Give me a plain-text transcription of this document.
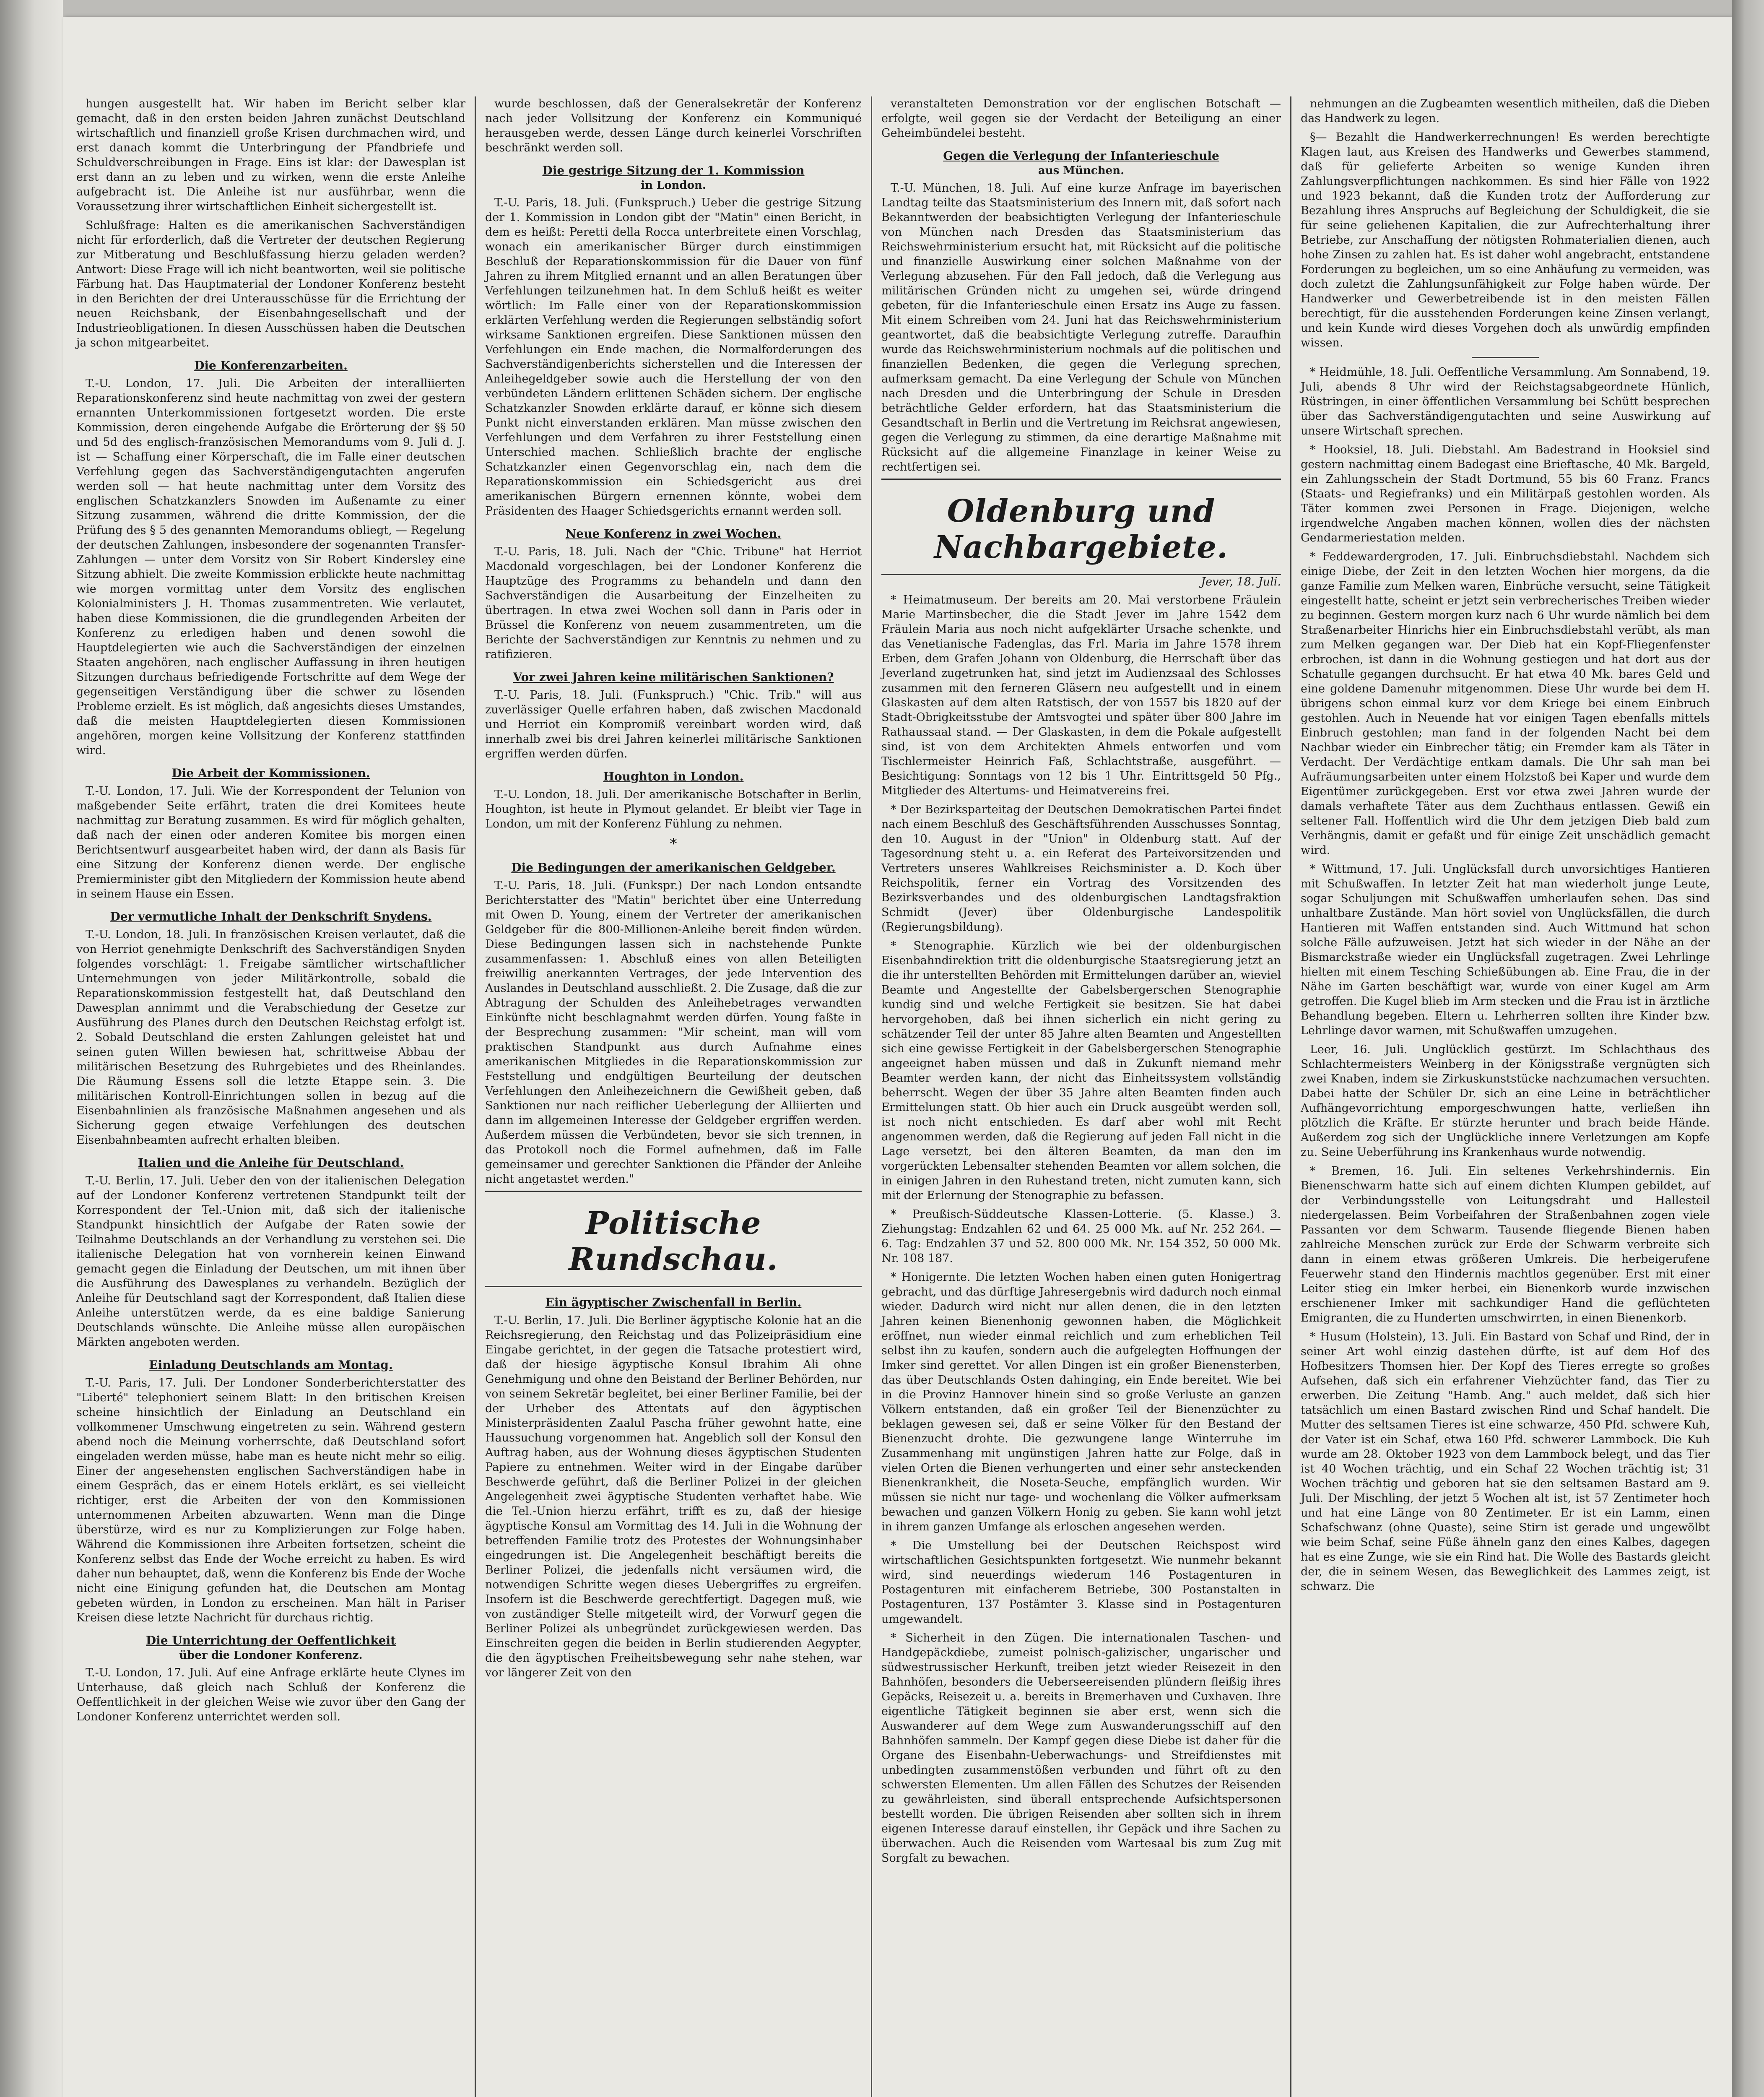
hungen ausgestellt hat. Wir haben im Bericht selber klar gemacht, daß in den ersten beiden Jahren zunächst Deutschland wirtschaftlich und finanziell große Krisen durchmachen wird, und erst danach kommt die Unterbringung der Pfandbriefe und Schuldverschreibungen in Frage. Eins ist klar: der Dawesplan ist erst dann an zu leben und zu wirken, wenn die erste Anleihe aufgebracht ist. Die Anleihe ist nur ausführbar, wenn die Voraussetzung ihrer wirtschaftlichen Einheit sichergestellt ist.

Schlußfrage: Halten es die amerikanischen Sachverständigen nicht für erforderlich, daß die Vertreter der deutschen Regierung zur Mitberatung und Beschlußfassung hierzu geladen werden? Antwort: Diese Frage will ich nicht beantworten, weil sie politische Färbung hat. Das Hauptmaterial der Londoner Konferenz besteht in den Berichten der drei Unterausschüsse für die Errichtung der neuen Reichsbank, der Eisenbahngesellschaft und der Industrieobligationen. In diesen Ausschüssen haben die Deutschen ja schon mitgearbeitet.

Die Konferenzarbeiten.

T.-U. London, 17. Juli. Die Arbeiten der interalliierten Reparationskonferenz sind heute nachmittag von zwei der gestern ernannten Unterkommissionen fortgesetzt worden. Die erste Kommission, deren eingehende Aufgabe die Erörterung der §§ 50 und 5d des englisch-französischen Memorandums vom 9. Juli d. J. ist — Schaffung einer Körperschaft, die im Falle einer deutschen Verfehlung gegen das Sachverständigengutachten angerufen werden soll — hat heute nachmittag unter dem Vorsitz des englischen Schatzkanzlers Snowden im Außenamte zu einer Sitzung zusammen, während die dritte Kommission, der die Prüfung des § 5 des genannten Memorandums obliegt, — Regelung der deutschen Zahlungen, insbesondere der sogenannten Transfer-Zahlungen — unter dem Vorsitz von Sir Robert Kindersley eine Sitzung abhielt. Die zweite Kommission erblickte heute nachmittag wie morgen vormittag unter dem Vorsitz des englischen Kolonialministers J. H. Thomas zusammentreten. Wie verlautet, haben diese Kommissionen, die die grundlegenden Arbeiten der Konferenz zu erledigen haben und denen sowohl die Hauptdelegierten wie auch die Sachverständigen der einzelnen Staaten angehören, nach englischer Auffassung in ihren heutigen Sitzungen durchaus befriedigende Fortschritte auf dem Wege der gegenseitigen Verständigung über die schwer zu lösenden Probleme erzielt. Es ist möglich, daß angesichts dieses Umstandes, daß die meisten Hauptdelegierten diesen Kommissionen angehören, morgen keine Vollsitzung der Konferenz stattfinden wird.

Die Arbeit der Kommissionen.

T.-U. London, 17. Juli. Wie der Korrespondent der Telunion von maßgebender Seite erfährt, traten die drei Komitees heute nachmittag zur Beratung zusammen. Es wird für möglich gehalten, daß nach der einen oder anderen Komitee bis morgen einen Berichtsentwurf ausgearbeitet haben wird, der dann als Basis für eine Sitzung der Konferenz dienen werde. Der englische Premierminister gibt den Mitgliedern der Kommission heute abend in seinem Hause ein Essen.

Der vermutliche Inhalt der Denkschrift Snydens.

T.-U. London, 18. Juli. In französischen Kreisen verlautet, daß die von Herriot genehmigte Denkschrift des Sachverständigen Snyden folgendes vorschlägt: 1. Freigabe sämtlicher wirtschaftlicher Unternehmungen von jeder Militärkontrolle, sobald die Reparationskommission festgestellt hat, daß Deutschland den Dawesplan annimmt und die Verabschiedung der Gesetze zur Ausführung des Planes durch den Deutschen Reichstag erfolgt ist. 2. Sobald Deutschland die ersten Zahlungen geleistet hat und seinen guten Willen bewiesen hat, schrittweise Abbau der militärischen Besetzung des Ruhrgebietes und des Rheinlandes. Die Räumung Essens soll die letzte Etappe sein. 3. Die militärischen Kontroll-Einrichtungen sollen in bezug auf die Eisenbahnlinien als französische Maßnahmen angesehen und als Sicherung gegen etwaige Verfehlungen des deutschen Eisenbahnbeamten aufrecht erhalten bleiben.

Italien und die Anleihe für Deutschland.

T.-U. Berlin, 17. Juli. Ueber den von der italienischen Delegation auf der Londoner Konferenz vertretenen Standpunkt teilt der Korrespondent der Tel.-Union mit, daß sich der italienische Standpunkt hinsichtlich der Aufgabe der Raten sowie der Teilnahme Deutschlands an der Verhandlung zu verstehen sei. Die italienische Delegation hat von vornherein keinen Einwand gemacht gegen die Einladung der Deutschen, um mit ihnen über die Ausführung des Dawesplanes zu verhandeln. Bezüglich der Anleihe für Deutschland sagt der Korrespondent, daß Italien diese Anleihe unterstützen werde, da es eine baldige Sanierung Deutschlands wünschte. Die Anleihe müsse allen europäischen Märkten angeboten werden.

Einladung Deutschlands am Montag.

T.-U. Paris, 17. Juli. Der Londoner Sonderberichterstatter des "Liberté" telephoniert seinem Blatt: In den britischen Kreisen scheine hinsichtlich der Einladung an Deutschland ein vollkommener Umschwung eingetreten zu sein. Während gestern abend noch die Meinung vorherrschte, daß Deutschland sofort eingeladen werden müsse, habe man es heute nicht mehr so eilig. Einer der angesehensten englischen Sachverständigen habe in einem Gespräch, das er einem Hotels erklärt, es sei vielleicht richtiger, erst die Arbeiten der von den Kommissionen unternommenen Arbeiten abzuwarten. Wenn man die Dinge überstürze, wird es nur zu Komplizierungen zur Folge haben. Während die Kommissionen ihre Arbeiten fortsetzen, scheint die Konferenz selbst das Ende der Woche erreicht zu haben. Es wird daher nun behauptet, daß, wenn die Konferenz bis Ende der Woche nicht eine Einigung gefunden hat, die Deutschen am Montag gebeten würden, in London zu erscheinen. Man hält in Pariser Kreisen diese letzte Nachricht für durchaus richtig.

Die Unterrichtung der Oeffentlichkeit
über die Londoner Konferenz.

T.-U. London, 17. Juli. Auf eine Anfrage erklärte heute Clynes im Unterhause, daß gleich nach Schluß der Konferenz die Oeffentlichkeit in der gleichen Weise wie zuvor über den Gang der Londoner Konferenz unterrichtet werden soll.

wurde beschlossen, daß der Generalsekretär der Konferenz nach jeder Vollsitzung der Konferenz ein Kommuniqué herausgeben werde, dessen Länge durch keinerlei Vorschriften beschränkt werden soll.

Die gestrige Sitzung der 1. Kommission
in London.

T.-U. Paris, 18. Juli. (Funkspruch.) Ueber die gestrige Sitzung der 1. Kommission in London gibt der "Matin" einen Bericht, in dem es heißt: Peretti della Rocca unterbreitete einen Vorschlag, wonach ein amerikanischer Bürger durch einstimmigen Beschluß der Reparationskommission für die Dauer von fünf Jahren zu ihrem Mitglied ernannt und an allen Beratungen über Verfehlungen teilzunehmen hat. In dem Schluß heißt es weiter wörtlich: Im Falle einer von der Reparationskommission erklärten Verfehlung werden die Regierungen selbständig sofort wirksame Sanktionen ergreifen. Diese Sanktionen müssen den Verfehlungen ein Ende machen, die Normalforderungen des Sachverständigenberichts sicherstellen und die Interessen der Anleihegeldgeber sowie auch die Herstellung der von den verbündeten Ländern erlittenen Schäden sichern. Der englische Schatzkanzler Snowden erklärte darauf, er könne sich diesem Punkt nicht einverstanden erklären. Man müsse zwischen den Verfehlungen und dem Verfahren zu ihrer Feststellung einen Unterschied machen. Schließlich brachte der englische Schatzkanzler einen Gegenvorschlag ein, nach dem die Reparationskommission ein Schiedsgericht aus drei amerikanischen Bürgern ernennen könnte, wobei dem Präsidenten des Haager Schiedsgerichts ernannt werden soll.

Neue Konferenz in zwei Wochen.

T.-U. Paris, 18. Juli. Nach der "Chic. Tribune" hat Herriot Macdonald vorgeschlagen, bei der Londoner Konferenz die Hauptzüge des Programms zu behandeln und dann den Sachverständigen die Ausarbeitung der Einzelheiten zu übertragen. In etwa zwei Wochen soll dann in Paris oder in Brüssel die Konferenz von neuem zusammentreten, um die Berichte der Sachverständigen zur Kenntnis zu nehmen und zu ratifizieren.

Vor zwei Jahren keine militärischen Sanktionen?

T.-U. Paris, 18. Juli. (Funkspruch.) "Chic. Trib." will aus zuverlässiger Quelle erfahren haben, daß zwischen Macdonald und Herriot ein Kompromiß vereinbart worden wird, daß innerhalb zwei bis drei Jahren keinerlei militärische Sanktionen ergriffen werden dürfen.

Houghton in London.

T.-U. London, 18. Juli. Der amerikanische Botschafter in Berlin, Houghton, ist heute in Plymout gelandet. Er bleibt vier Tage in London, um mit der Konferenz Fühlung zu nehmen.

*
Die Bedingungen der amerikanischen Geldgeber.

T.-U. Paris, 18. Juli. (Funkspr.) Der nach London entsandte Berichterstatter des "Matin" berichtet über eine Unterredung mit Owen D. Young, einem der Vertreter der amerikanischen Geldgeber für die 800-Millionen-Anleihe bereit finden würden. Diese Bedingungen lassen sich in nachstehende Punkte zusammenfassen: 1. Abschluß eines von allen Beteiligten freiwillig anerkannten Vertrages, der jede Intervention des Auslandes in Deutschland ausschließt. 2. Die Zusage, daß die zur Abtragung der Schulden des Anleihebetrages verwandten Einkünfte nicht beschlagnahmt werden dürfen. Young faßte in der Besprechung zusammen: "Mir scheint, man will vom praktischen Standpunkt aus durch Aufnahme eines amerikanischen Mitgliedes in die Reparationskommission zur Feststellung und endgültigen Beurteilung der deutschen Verfehlungen den Anleihezeichnern die Gewißheit geben, daß Sanktionen nur nach reiflicher Ueberlegung der Alliierten und dann im allgemeinen Interesse der Geldgeber ergriffen werden. Außerdem müssen die Verbündeten, bevor sie sich trennen, in das Protokoll noch die Formel aufnehmen, daß im Falle gemeinsamer und gerechter Sanktionen die Pfänder der Anleihe nicht angetastet werden."

Politische Rundschau.
Ein ägyptischer Zwischenfall in Berlin.

T.-U. Berlin, 17. Juli. Die Berliner ägyptische Kolonie hat an die Reichsregierung, den Reichstag und das Polizeipräsidium eine Eingabe gerichtet, in der gegen die Tatsache protestiert wird, daß der hiesige ägyptische Konsul Ibrahim Ali ohne Genehmigung und ohne den Beistand der Berliner Behörden, nur von seinem Sekretär begleitet, bei einer Berliner Familie, bei der der Urheber des Attentats auf den ägyptischen Ministerpräsidenten Zaalul Pascha früher gewohnt hatte, eine Haussuchung vorgenommen hat. Angeblich soll der Konsul den Auftrag haben, aus der Wohnung dieses ägyptischen Studenten Papiere zu entnehmen. Weiter wird in der Eingabe darüber Beschwerde geführt, daß die Berliner Polizei in der gleichen Angelegenheit zwei ägyptische Studenten verhaftet habe. Wie die Tel.-Union hierzu erfährt, trifft es zu, daß der hiesige ägyptische Konsul am Vormittag des 14. Juli in die Wohnung der betreffenden Familie trotz des Protestes der Wohnungsinhaber eingedrungen ist. Die Angelegenheit beschäftigt bereits die Berliner Polizei, die jedenfalls nicht versäumen wird, die notwendigen Schritte wegen dieses Uebergriffes zu ergreifen. Insofern ist die Beschwerde gerechtfertigt. Dagegen muß, wie von zuständiger Stelle mitgeteilt wird, der Vorwurf gegen die Berliner Polizei als unbegründet zurückgewiesen werden. Das Einschreiten gegen die beiden in Berlin studierenden Aegypter, die den ägyptischen Freiheitsbewegung sehr nahe stehen, war vor längerer Zeit von den

veranstalteten Demonstration vor der englischen Botschaft — erfolgte, weil gegen sie der Verdacht der Beteiligung an einer Geheimbündelei besteht.

Gegen die Verlegung der Infanterieschule
aus München.

T.-U. München, 18. Juli. Auf eine kurze Anfrage im bayerischen Landtag teilte das Staatsministerium des Innern mit, daß sofort nach Bekanntwerden der beabsichtigten Verlegung der Infanterieschule von München nach Dresden das Staatsministerium das Reichswehrministerium ersucht hat, mit Rücksicht auf die politische und finanzielle Auswirkung einer solchen Maßnahme von der Verlegung abzusehen. Für den Fall jedoch, daß die Verlegung aus militärischen Gründen nicht zu umgehen sei, würde dringend gebeten, für die Infanterieschule einen Ersatz ins Auge zu fassen. Mit einem Schreiben vom 24. Juni hat das Reichswehrministerium geantwortet, daß die beabsichtigte Verlegung zutreffe. Daraufhin wurde das Reichswehrministerium nochmals auf die politischen und finanziellen Bedenken, die gegen die Verlegung sprechen, aufmerksam gemacht. Da eine Verlegung der Schule von München nach Dresden und die Unterbringung der Schule in Dresden beträchtliche Gelder erfordern, hat das Staatsministerium die Gesandtschaft in Berlin und die Vertretung im Reichsrat angewiesen, gegen die Verlegung zu stimmen, da eine derartige Maßnahme mit Rücksicht auf die allgemeine Finanzlage in keiner Weise zu rechtfertigen sei.

Oldenburg und Nachbargebiete.
Jever, 18. Juli.

* Heimatmuseum. Der bereits am 20. Mai verstorbene Fräulein Marie Martinsbecher, die die Stadt Jever im Jahre 1542 dem Fräulein Maria aus noch nicht aufgeklärter Ursache schenkte, und das Venetianische Fadenglas, das Frl. Maria im Jahre 1578 ihrem Erben, dem Grafen Johann von Oldenburg, die Herrschaft über das Jeverland zugetrunken hat, sind jetzt im Audienzsaal des Schlosses zusammen mit den ferneren Gläsern neu aufgestellt und in einem Glaskasten auf dem alten Ratstisch, der von 1557 bis 1820 auf der Stadt-Obrigkeitsstube der Amtsvogtei und später über 800 Jahre im Rathaussaal stand. — Der Glaskasten, in dem die Pokale aufgestellt sind, ist von dem Architekten Ahmels entworfen und vom Tischlermeister Heinrich Faß, Schlachtstraße, ausgeführt. — Besichtigung: Sonntags von 12 bis 1 Uhr. Eintrittsgeld 50 Pfg., Mitglieder des Altertums- und Heimatvereins frei.

* Der Bezirksparteitag der Deutschen Demokratischen Partei findet nach einem Beschluß des Geschäftsführenden Ausschusses Sonntag, den 10. August in der "Union" in Oldenburg statt. Auf der Tagesordnung steht u. a. ein Referat des Parteivorsitzenden und Vertreters unseres Wahlkreises Reichsminister a. D. Koch über Reichspolitik, ferner ein Vortrag des Vorsitzenden des Bezirksverbandes und des oldenburgischen Landtagsfraktion Schmidt (Jever) über Oldenburgische Landespolitik (Regierungsbildung).

* Stenographie. Kürzlich wie bei der oldenburgischen Eisenbahndirektion tritt die oldenburgische Staatsregierung jetzt an die ihr unterstellten Behörden mit Ermittelungen darüber an, wieviel Beamte und Angestellte der Gabelsbergerschen Stenographie kundig sind und welche Fertigkeit sie besitzen. Sie hat dabei hervorgehoben, daß bei ihnen sicherlich ein nicht gering zu schätzender Teil der unter 85 Jahre alten Beamten und Angestellten sich eine gewisse Fertigkeit in der Gabelsbergerschen Stenographie angeeignet haben müssen und daß in Zukunft niemand mehr Beamter werden kann, der nicht das Einheitssystem vollständig beherrscht. Wegen der über 35 Jahre alten Beamten finden auch Ermittelungen statt. Ob hier auch ein Druck ausgeübt werden soll, ist noch nicht entschieden. Es darf aber wohl mit Recht angenommen werden, daß die Regierung auf jeden Fall nicht in die Lage versetzt, bei den älteren Beamten, da man den im vorgerückten Lebensalter stehenden Beamten vor allem solchen, die in einigen Jahren in den Ruhestand treten, nicht zumuten kann, sich mit der Erlernung der Stenographie zu befassen.

* Preußisch-Süddeutsche Klassen-Lotterie. (5. Klasse.) 3. Ziehungstag: Endzahlen 62 und 64. 25 000 Mk. auf Nr. 252 264. — 6. Tag: Endzahlen 37 und 52. 800 000 Mk. Nr. 154 352, 50 000 Mk. Nr. 108 187.

* Honigernte. Die letzten Wochen haben einen guten Honigertrag gebracht, und das dürftige Jahresergebnis wird dadurch noch einmal wieder. Dadurch wird nicht nur allen denen, die in den letzten Jahren keinen Bienenhonig gewonnen haben, die Möglichkeit eröffnet, nun wieder einmal reichlich und zum erheblichen Teil selbst ihn zu kaufen, sondern auch die aufgelegten Hoffnungen der Imker sind gerettet. Vor allen Dingen ist ein großer Bienensterben, das über Deutschlands Osten dahinging, ein Ende bereitet. Wie bei in die Provinz Hannover hinein sind so große Verluste an ganzen Völkern entstanden, daß ein großer Teil der Bienenzüchter zu beklagen gewesen sei, daß er seine Völker für den Bestand der Bienenzucht drohte. Die gezwungene lange Winterruhe im Zusammenhang mit ungünstigen Jahren hatte zur Folge, daß in vielen Orten die Bienen verhungerten und einer sehr ansteckenden Bienenkrankheit, die Noseta-Seuche, empfänglich wurden. Wir müssen sie nicht nur tage- und wochenlang die Völker aufmerksam bewachen und ganzen Völkern Honig zu geben. Sie kann wohl jetzt in ihrem ganzen Umfange als erloschen angesehen werden.

* Die Umstellung bei der Deutschen Reichspost wird wirtschaftlichen Gesichtspunkten fortgesetzt. Wie nunmehr bekannt wird, sind neuerdings wiederum 146 Postagenturen in Postagenturen mit einfacherem Betriebe, 300 Postanstalten in Postagenturen, 137 Postämter 3. Klasse sind in Postagenturen umgewandelt.

* Sicherheit in den Zügen. Die internationalen Taschen- und Handgepäckdiebe, zumeist polnisch-galizischer, ungarischer und südwestrussischer Herkunft, treiben jetzt wieder Reisezeit in den Bahnhöfen, besonders die Ueberseereisenden plündern fleißig ihres Gepäcks, Reisezeit u. a. bereits in Bremerhaven und Cuxhaven. Ihre eigentliche Tätigkeit beginnen sie aber erst, wenn sich die Auswanderer auf dem Wege zum Auswanderungsschiff auf den Bahnhöfen sammeln. Der Kampf gegen diese Diebe ist daher für die Organe des Eisenbahn-Ueberwachungs- und Streifdienstes mit unbedingten zusammenstößen verbunden und führt oft zu den schwersten Elementen. Um allen Fällen des Schutzes der Reisenden zu gewährleisten, sind überall entsprechende Aufsichtspersonen bestellt worden. Die übrigen Reisenden aber sollten sich in ihrem eigenen Interesse darauf einstellen, ihr Gepäck und ihre Sachen zu überwachen. Auch die Reisenden vom Wartesaal bis zum Zug mit Sorgfalt zu bewachen.

nehmungen an die Zugbeamten wesentlich mitheilen, daß die Dieben das Handwerk zu legen.

§— Bezahlt die Handwerkerrechnungen! Es werden berechtigte Klagen laut, aus Kreisen des Handwerks und Gewerbes stammend, daß für gelieferte Arbeiten so wenige Kunden ihren Zahlungsverpflichtungen nachkommen. Es sind hier Fälle von 1922 und 1923 bekannt, daß die Kunden trotz der Aufforderung zur Bezahlung ihres Anspruchs auf Begleichung der Schuldigkeit, die sie für seine geliehenen Kapitalien, die zur Aufrechterhaltung ihrer Betriebe, zur Anschaffung der nötigsten Rohmaterialien dienen, auch hohe Zinsen zu zahlen hat. Es ist daher wohl angebracht, entstandene Forderungen zu begleichen, um so eine Anhäufung zu vermeiden, was doch zuletzt die Zahlungsunfähigkeit zur Folge haben würde. Der Handwerker und Gewerbetreibende ist in den meisten Fällen berechtigt, für die ausstehenden Forderungen keine Zinsen verlangt, und kein Kunde wird dieses Vorgehen doch als unwürdig empfinden wissen.

* Heidmühle, 18. Juli. Oeffentliche Versammlung. Am Sonnabend, 19. Juli, abends 8 Uhr wird der Reichstagsabgeordnete Hünlich, Rüstringen, in einer öffentlichen Versammlung bei Schütt besprechen über das Sachverständigengutachten und seine Auswirkung auf unsere Wirtschaft sprechen.

* Hooksiel, 18. Juli. Diebstahl. Am Badestrand in Hooksiel sind gestern nachmittag einem Badegast eine Brieftasche, 40 Mk. Bargeld, ein Zahlungsschein der Stadt Dortmund, 55 bis 60 Franz. Francs (Staats- und Regiefranks) und ein Militärpaß gestohlen worden. Als Täter kommen zwei Personen in Frage. Diejenigen, welche irgendwelche Angaben machen können, wollen dies der nächsten Gendarmeriestation melden.

* Feddewardergroden, 17. Juli. Einbruchsdiebstahl. Nachdem sich einige Diebe, der Zeit in den letzten Wochen hier morgens, da die ganze Familie zum Melken waren, Einbrüche versucht, seine Tätigkeit eingestellt hatte, scheint er jetzt sein verbrecherisches Treiben wieder zu beginnen. Gestern morgen kurz nach 6 Uhr wurde nämlich bei dem Straßenarbeiter Hinrichs hier ein Einbruchsdiebstahl verübt, als man zum Melken gegangen war. Der Dieb hat ein Kopf-Fliegenfenster erbrochen, ist dann in die Wohnung gestiegen und hat dort aus der Schatulle gegangen durchsucht. Er hat etwa 40 Mk. bares Geld und eine goldene Damenuhr mitgenommen. Diese Uhr wurde bei dem H. übrigens schon einmal kurz vor dem Kriege bei einem Einbruch gestohlen. Auch in Neuende hat vor einigen Tagen ebenfalls mittels Einbruch gestohlen; man fand in der folgenden Nacht bei dem Nachbar wieder ein Einbrecher tätig; ein Fremder kam als Täter in Verdacht. Der Verdächtige entkam damals. Die Uhr sah man bei Aufräumungsarbeiten unter einem Holzstoß bei Kaper und wurde dem Eigentümer zurückgegeben. Erst vor etwa zwei Jahren wurde der damals verhaftete Täter aus dem Zuchthaus entlassen. Gewiß ein seltener Fall. Hoffentlich wird die Uhr dem jetzigen Dieb bald zum Verhängnis, damit er gefaßt und für einige Zeit unschädlich gemacht wird.

* Wittmund, 17. Juli. Unglücksfall durch unvorsichtiges Hantieren mit Schußwaffen. In letzter Zeit hat man wiederholt junge Leute, sogar Schuljungen mit Schußwaffen umherlaufen sehen. Das sind unhaltbare Zustände. Man hört soviel von Unglücksfällen, die durch Hantieren mit Waffen entstanden sind. Auch Wittmund hat schon solche Fälle aufzuweisen. Jetzt hat sich wieder in der Nähe an der Bismarckstraße wieder ein Unglücksfall zugetragen. Zwei Lehrlinge hielten mit einem Tesching Schießübungen ab. Eine Frau, die in der Nähe im Garten beschäftigt war, wurde von einer Kugel am Arm getroffen. Die Kugel blieb im Arm stecken und die Frau ist in ärztliche Behandlung begeben. Eltern u. Lehrherren sollten ihre Kinder bzw. Lehrlinge davor warnen, mit Schußwaffen umzugehen.

Leer, 16. Juli. Unglücklich gestürzt. Im Schlachthaus des Schlachtermeisters Weinberg in der Königsstraße vergnügten sich zwei Knaben, indem sie Zirkuskunststücke nachzumachen versuchten. Dabei hatte der Schüler Dr. sich an eine Leine in beträchtlicher Aufhängevorrichtung emporgeschwungen hatte, verließen ihn plötzlich die Kräfte. Er stürzte herunter und brach beide Hände. Außerdem zog sich der Unglückliche innere Verletzungen am Kopfe zu. Seine Ueberführung ins Krankenhaus wurde notwendig.

* Bremen, 16. Juli. Ein seltenes Verkehrshindernis. Ein Bienenschwarm hatte sich auf einem dichten Klumpen gebildet, auf der Verbindungsstelle von Leitungsdraht und Hallesteil niedergelassen. Beim Vorbeifahren der Straßenbahnen zogen viele Passanten vor dem Schwarm. Tausende fliegende Bienen haben zahlreiche Menschen zurück zur Erde der Schwarm verbreite sich dann in einem etwas größeren Umkreis. Die herbeigerufene Feuerwehr stand den Hindernis machtlos gegenüber. Erst mit einer Leiter stieg ein Imker herbei, ein Bienenkorb wurde inzwischen erschienener Imker mit sachkundiger Hand die geflüchteten Emigranten, die zu Hunderten umschwirrten, in einen Bienenkorb.

* Husum (Holstein), 13. Juli. Ein Bastard von Schaf und Rind, der in seiner Art wohl einzig dastehen dürfte, ist auf dem Hof des Hofbesitzers Thomsen hier. Der Kopf des Tieres erregte so großes Aufsehen, daß sich ein erfahrener Viehzüchter fand, das Tier zu erwerben. Die Zeitung "Hamb. Ang." auch meldet, daß sich hier tatsächlich um einen Bastard zwischen Rind und Schaf handelt. Die Mutter des seltsamen Tieres ist eine schwarze, 450 Pfd. schwere Kuh, der Vater ist ein Schaf, etwa 160 Pfd. schwerer Lammbock. Die Kuh wurde am 28. Oktober 1923 von dem Lammbock belegt, und das Tier ist 40 Wochen trächtig, und ein Schaf 22 Wochen trächtig ist; 31 Wochen trächtig und geboren hat sie den seltsamen Bastard am 9. Juli. Der Mischling, der jetzt 5 Wochen alt ist, ist 57 Zentimeter hoch und hat eine Länge von 80 Zentimeter. Er ist ein Lamm, einen Schafschwanz (ohne Quaste), seine Stirn ist gerade und ungewölbt wie beim Schaf, seine Füße ähneln ganz den eines Kalbes, dagegen hat es eine Zunge, wie sie ein Rind hat. Die Wolle des Bastards gleicht der, die in seinem Wesen, das Beweglichkeit des Lammes zeigt, ist schwarz. Die
